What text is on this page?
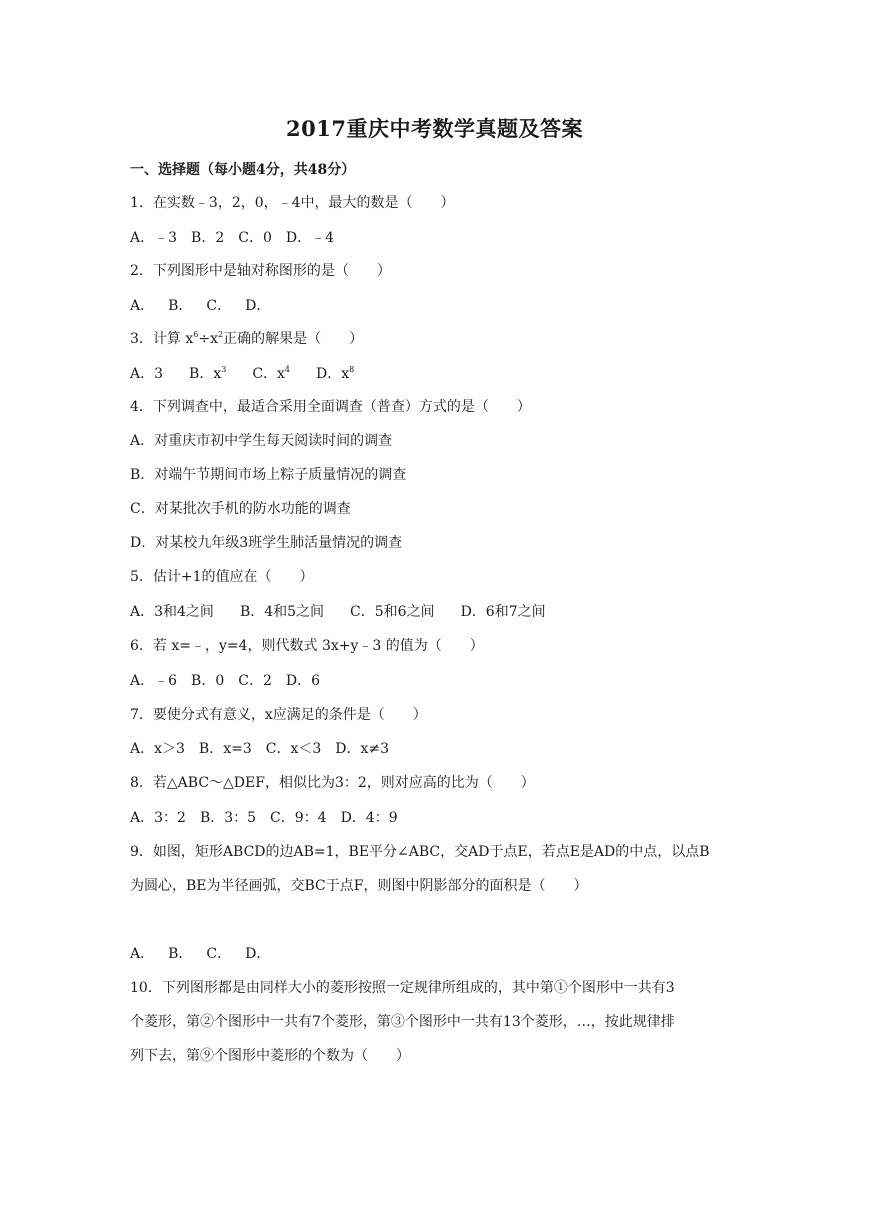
2017重庆中考数学真题及答案

一、选择题（每小题4分，共48分）

1．在实数﹣3，2，0，﹣4中，最大的数是（　　）

A．﹣3 B．2 C．0 D．﹣4

2．下列图形中是轴对称图形的是（　　）

A． B． C． D．

3．计算 $x^6\div x^2$正确的解果是（　　）

A．3 B．$x^3$ C．$x^4$ D．$x^8$

4．下列调查中，最适合采用全面调查（普查）方式的是（　　）

A．对重庆市初中学生每天阅读时间的调查

B．对端午节期间市场上粽子质量情况的调查

C．对某批次手机的防水功能的调查

D．对某校九年级3班学生肺活量情况的调查

5．估计+1的值应在（　　）

A．3和4之间 B．4和5之间 C．5和6之间 D．6和7之间

6．若 x=﹣，y=4，则代数式 3x+y﹣3 的值为（　　）

A．﹣6 B．0 C．2 D．6

7．要使分式有意义，x应满足的条件是（　　）

A．x＞3 B．x=3 C．x＜3 D．x≠3

8．若△ABC～△DEF，相似比为3：2，则对应高的比为（　　）

A．3：2 B．3：5 C．9：4 D．4：9

9．如图，矩形ABCD的边AB=1，BE平分∠ABC，交AD于点E，若点E是AD的中点，以点B

为圆心，BE为半径画弧，交BC于点F，则图中阴影部分的面积是（　　）

A． B． C． D．

10．下列图形都是由同样大小的菱形按照一定规律所组成的，其中第①个图形中一共有3

个菱形，第②个图形中一共有7个菱形，第③个图形中一共有13个菱形，…，按此规律排

列下去，第⑨个图形中菱形的个数为（　　）
